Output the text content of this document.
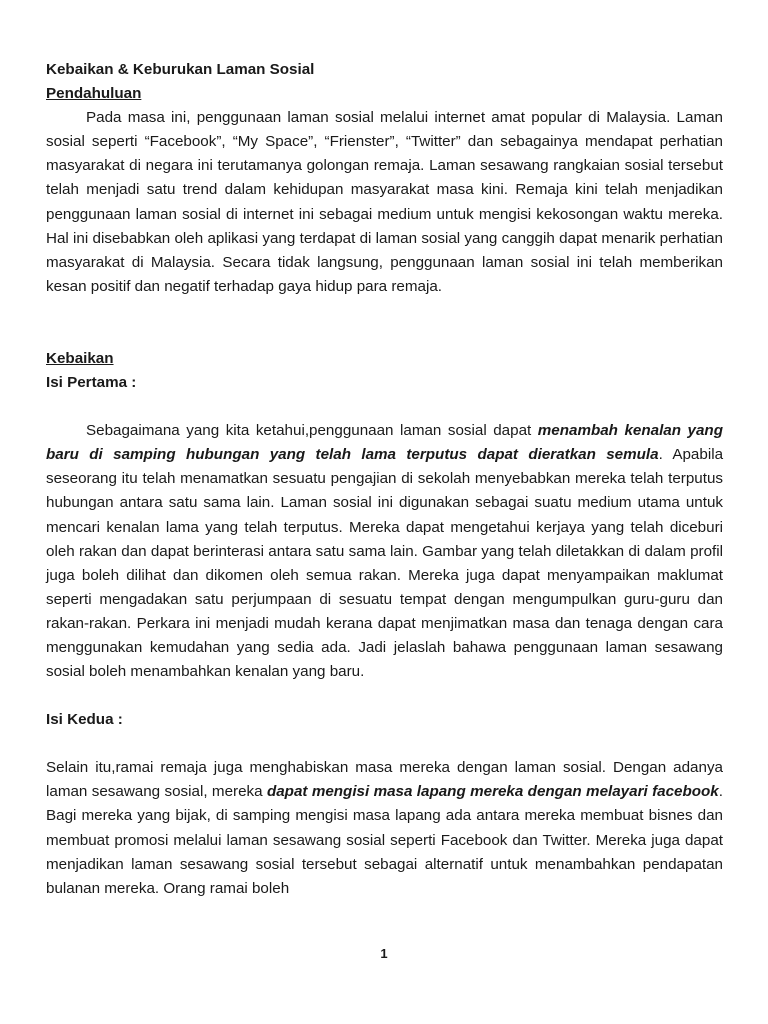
Kebaikan & Keburukan Laman Sosial
Pendahuluan

Pada masa ini, penggunaan laman sosial melalui internet amat popular di Malaysia. Laman sosial seperti “Facebook”, “My Space”, “Frienster”, “Twitter” dan sebagainya mendapat perhatian masyarakat di negara ini terutamanya golongan remaja. Laman sesawang rangkaian sosial tersebut telah menjadi satu trend dalam kehidupan masyarakat masa kini. Remaja kini telah menjadikan penggunaan laman sosial di internet ini sebagai medium untuk mengisi kekosongan waktu mereka. Hal ini disebabkan oleh aplikasi yang terdapat di laman sosial yang canggih dapat menarik perhatian masyarakat di Malaysia. Secara tidak langsung, penggunaan laman sosial ini telah memberikan kesan positif dan negatif terhadap gaya hidup para remaja.

Kebaikan
Isi Pertama :

Sebagaimana yang kita ketahui,penggunaan laman sosial dapat menambah kenalan yang baru di samping hubungan yang telah lama terputus dapat dieratkan semula. Apabila seseorang itu telah menamatkan sesuatu pengajian di sekolah menyebabkan mereka telah terputus hubungan antara satu sama lain. Laman sosial ini digunakan sebagai suatu medium utama untuk mencari kenalan lama yang telah terputus. Mereka dapat mengetahui kerjaya yang telah diceburi oleh rakan dan dapat berinterasi antara satu sama lain. Gambar yang telah diletakkan di dalam profil juga boleh dilihat dan dikomen oleh semua rakan. Mereka juga dapat menyampaikan maklumat seperti mengadakan satu perjumpaan di sesuatu tempat dengan mengumpulkan guru-guru dan rakan-rakan. Perkara ini menjadi mudah kerana dapat menjimatkan masa dan tenaga dengan cara menggunakan kemudahan yang sedia ada. Jadi jelaslah bahawa penggunaan laman sesawang sosial boleh menambahkan kenalan yang baru.

Isi Kedua :

Selain itu,ramai remaja juga menghabiskan masa mereka dengan laman sosial. Dengan adanya laman sesawang sosial, mereka dapat mengisi masa lapang mereka dengan melayari facebook. Bagi mereka yang bijak, di samping mengisi masa lapang ada antara mereka membuat bisnes dan membuat promosi melalui laman sesawang sosial seperti Facebook dan Twitter. Mereka juga dapat menjadikan laman sesawang sosial tersebut sebagai alternatif untuk menambahkan pendapatan bulanan mereka. Orang ramai boleh

1
